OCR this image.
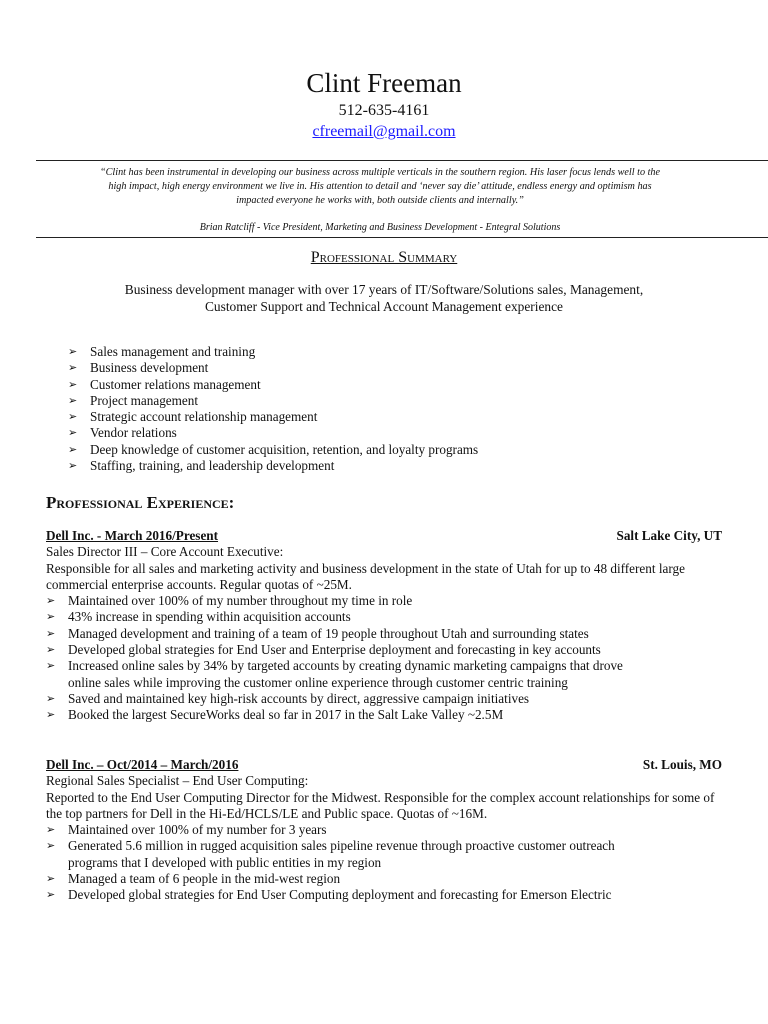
Clint Freeman
512-635-4161
cfreemail@gmail.com
“Clint has been instrumental in developing our business across multiple verticals in the southern region. His laser focus lends well to the high impact, high energy environment we live in. His attention to detail and ‘never say die’ attitude, endless energy and optimism has impacted everyone he works with, both outside clients and internally.”
Brian Ratcliff - Vice President, Marketing and Business Development - Entegral Solutions
Professional Summary
Business development manager with over 17 years of IT/Software/Solutions sales, Management, Customer Support and Technical Account Management experience
➢ Sales management and training
➢ Business development
➢ Customer relations management
➢ Project management
➢ Strategic account relationship management
➢ Vendor relations
➢ Deep knowledge of customer acquisition, retention, and loyalty programs
➢ Staffing, training, and leadership development
Professional Experience:
Dell Inc. - March 2016/Present	Salt Lake City, UT
Sales Director III – Core Account Executive:
Responsible for all sales and marketing activity and business development in the state of Utah for up to 48 different large commercial enterprise accounts. Regular quotas of ~25M.
➢ Maintained over 100% of my number throughout my time in role
➢ 43% increase in spending within acquisition accounts
➢ Managed development and training of a team of 19 people throughout Utah and surrounding states
➢ Developed global strategies for End User and Enterprise deployment and forecasting in key accounts
➢ Increased online sales by 34% by targeted accounts by creating dynamic marketing campaigns that drove online sales while improving the customer online experience through customer centric training
➢ Saved and maintained key high-risk accounts by direct, aggressive campaign initiatives
➢ Booked the largest SecureWorks deal so far in 2017 in the Salt Lake Valley ~2.5M
Dell Inc. – Oct/2014 – March/2016	St. Louis, MO
Regional Sales Specialist – End User Computing:
Reported to the End User Computing Director for the Midwest. Responsible for the complex account relationships for some of the top partners for Dell in the Hi-Ed/HCLS/LE and Public space. Quotas of ~16M.
➢ Maintained over 100% of my number for 3 years
➢ Generated 5.6 million in rugged acquisition sales pipeline revenue through proactive customer outreach programs that I developed with public entities in my region
➢ Managed a team of 6 people in the mid-west region
➢ Developed global strategies for End User Computing deployment and forecasting for Emerson Electric
